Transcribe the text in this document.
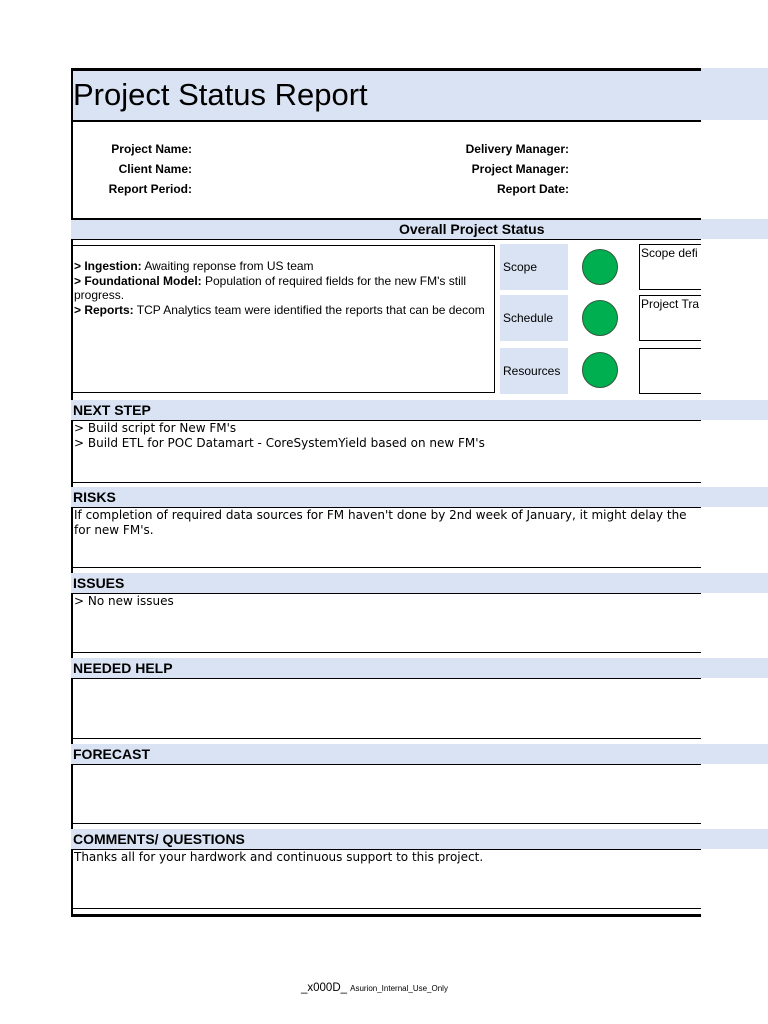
Project Status Report
Project Name:
Client Name:
Report Period:
Delivery Manager:
Project Manager:
Report Date:
Overall Project Status
> Ingestion: Awaiting reponse from US team
> Foundational Model: Population of required fields for the new FM's still progress.
> Reports: TCP Analytics team were identified the reports that can be decom
Scope
Scope defi
Schedule
Project Tra
Resources
NEXT STEP
> Build script for New FM's
> Build ETL for POC Datamart - CoreSystemYield based on new FM's
RISKS
If completion of required data sources for FM haven't done by 2nd week of January, it might delay the
for new FM's.
ISSUES
> No new issues
NEEDED HELP
FORECAST
COMMENTS/ QUESTIONS
Thanks all for your hardwork and continuous support to this project.
_x000D_ Asurion_Internal_Use_Only
